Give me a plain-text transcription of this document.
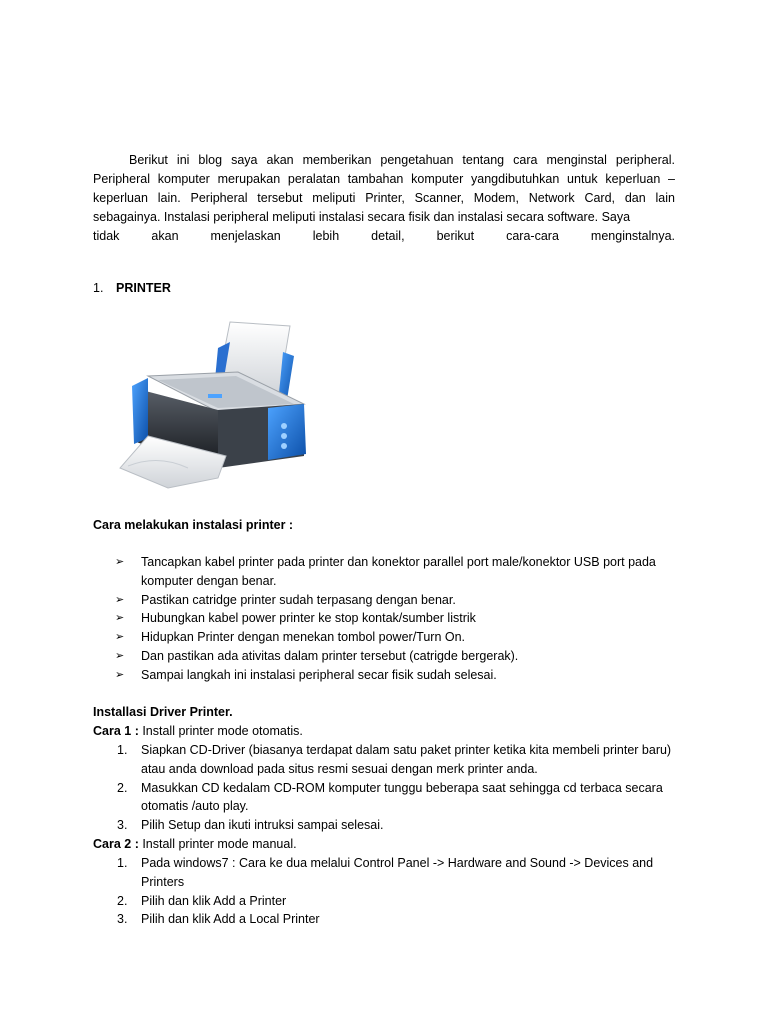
Berikut ini blog saya akan memberikan pengetahuan tentang cara menginstal peripheral. Peripheral komputer merupakan peralatan tambahan komputer yangdibutuhkan untuk keperluan – keperluan lain. Peripheral tersebut meliputi Printer, Scanner, Modem, Network Card, dan lain sebagainya. Instalasi peripheral meliputi instalasi secara fisik dan instalasi secara software. Saya
tidak akan menjelaskan lebih detail, berikut cara-cara menginstalnya.

1. PRINTER
Cara melakukan instalasi printer :
➢ Tancapkan kabel printer pada printer dan konektor parallel port male/konektor USB port pada komputer dengan benar.
➢ Pastikan catridge printer sudah terpasang dengan benar.
➢ Hubungkan kabel power printer ke stop kontak/sumber listrik
➢ Hidupkan Printer dengan menekan tombol power/Turn On.
➢ Dan pastikan ada ativitas dalam printer tersebut (catrigde bergerak).
➢ Sampai langkah ini instalasi peripheral secar fisik sudah selesai.
Installasi Driver Printer.
Cara 1 : Install printer mode otomatis.
1. Siapkan CD-Driver (biasanya terdapat dalam satu paket printer ketika kita membeli printer baru) atau anda download pada situs resmi sesuai dengan merk printer anda.
2. Masukkan CD kedalam CD-ROM komputer tunggu beberapa saat sehingga cd terbaca secara otomatis /auto play.
3. Pilih Setup dan ikuti intruksi sampai selesai.
Cara 2 : Install printer mode manual.
1. Pada windows7 : Cara ke dua melalui Control Panel -> Hardware and Sound -> Devices and Printers
2. Pilih dan klik Add a Printer
3. Pilih dan klik Add a Local Printer
